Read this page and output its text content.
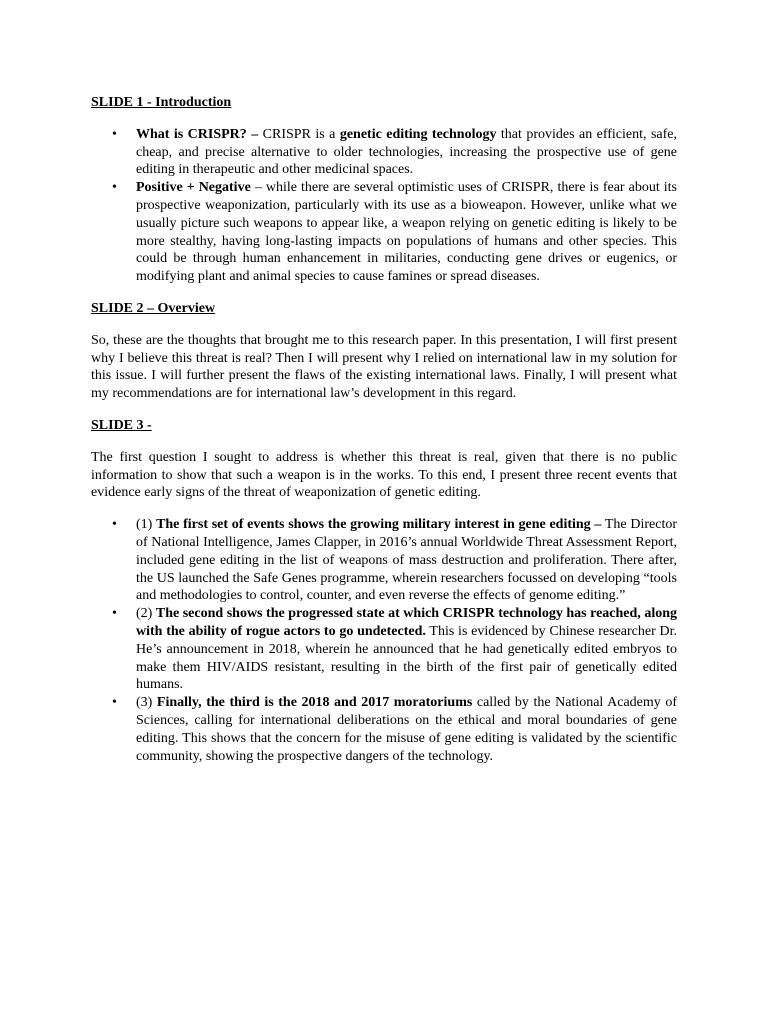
SLIDE 1 - Introduction

• What is CRISPR? – CRISPR is a genetic editing technology that provides an efficient, safe, cheap, and precise alternative to older technologies, increasing the prospective use of gene editing in therapeutic and other medicinal spaces.
• Positive + Negative – while there are several optimistic uses of CRISPR, there is fear about its prospective weaponization, particularly with its use as a bioweapon. However, unlike what we usually picture such weapons to appear like, a weapon relying on genetic editing is likely to be more stealthy, having long-lasting impacts on populations of humans and other species. This could be through human enhancement in militaries, conducting gene drives or eugenics, or modifying plant and animal species to cause famines or spread diseases.

SLIDE 2 – Overview

So, these are the thoughts that brought me to this research paper. In this presentation, I will first present why I believe this threat is real? Then I will present why I relied on international law in my solution for this issue. I will further present the flaws of the existing international laws. Finally, I will present what my recommendations are for international law’s development in this regard.

SLIDE 3 -

The first question I sought to address is whether this threat is real, given that there is no public information to show that such a weapon is in the works. To this end, I present three recent events that evidence early signs of the threat of weaponization of genetic editing.

• (1) The first set of events shows the growing military interest in gene editing – The Director of National Intelligence, James Clapper, in 2016’s annual Worldwide Threat Assessment Report, included gene editing in the list of weapons of mass destruction and proliferation. There after, the US launched the Safe Genes programme, wherein researchers focussed on developing “tools and methodologies to control, counter, and even reverse the effects of genome editing.”
• (2) The second shows the progressed state at which CRISPR technology has reached, along with the ability of rogue actors to go undetected. This is evidenced by Chinese researcher Dr. He’s announcement in 2018, wherein he announced that he had genetically edited embryos to make them HIV/AIDS resistant, resulting in the birth of the first pair of genetically edited humans.
• (3) Finally, the third is the 2018 and 2017 moratoriums called by the National Academy of Sciences, calling for international deliberations on the ethical and moral boundaries of gene editing. This shows that the concern for the misuse of gene editing is validated by the scientific community, showing the prospective dangers of the technology.
